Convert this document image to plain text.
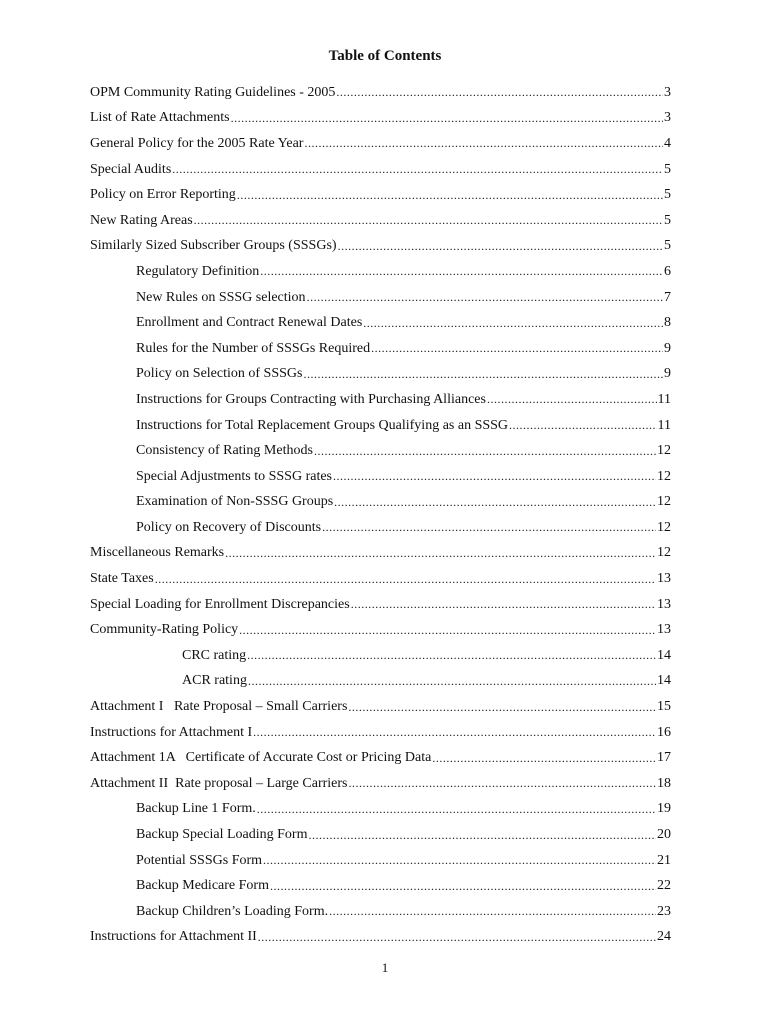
Table of Contents
OPM Community Rating Guidelines - 2005 .....	3
List of Rate Attachments .....	3
General Policy for the 2005 Rate Year .....	4
Special Audits .....	5
Policy on Error Reporting .....	5
New Rating Areas .....	5
Similarly Sized Subscriber Groups (SSSGs) .....	5
Regulatory Definition .....	6
New Rules on SSSG selection .....	7
Enrollment and Contract Renewal Dates .....	8
Rules for the Number of SSSGs Required .....	9
Policy on Selection of SSSGs .....	9
Instructions for Groups Contracting with Purchasing Alliances .....	11
Instructions for Total Replacement Groups Qualifying as an SSSG .....	11
Consistency of Rating Methods .....	12
Special Adjustments to SSSG rates .....	12
Examination of Non-SSSG Groups .....	12
Policy on Recovery of Discounts .....	12
Miscellaneous Remarks .....	12
State Taxes .....	13
Special Loading for Enrollment Discrepancies .....	13
Community-Rating Policy .....	13
CRC rating .....	14
ACR rating .....	14
Attachment I   Rate Proposal – Small Carriers .....	15
Instructions for Attachment I .....	16
Attachment 1A   Certificate of Accurate Cost or Pricing Data .....	17
Attachment II  Rate proposal – Large Carriers .....	18
Backup Line 1 Form. .....	19
Backup Special Loading Form .....	20
Potential SSSGs Form .....	21
Backup Medicare Form .....	22
Backup Children’s Loading Form. .....	23
Instructions for Attachment II .....	24
1
